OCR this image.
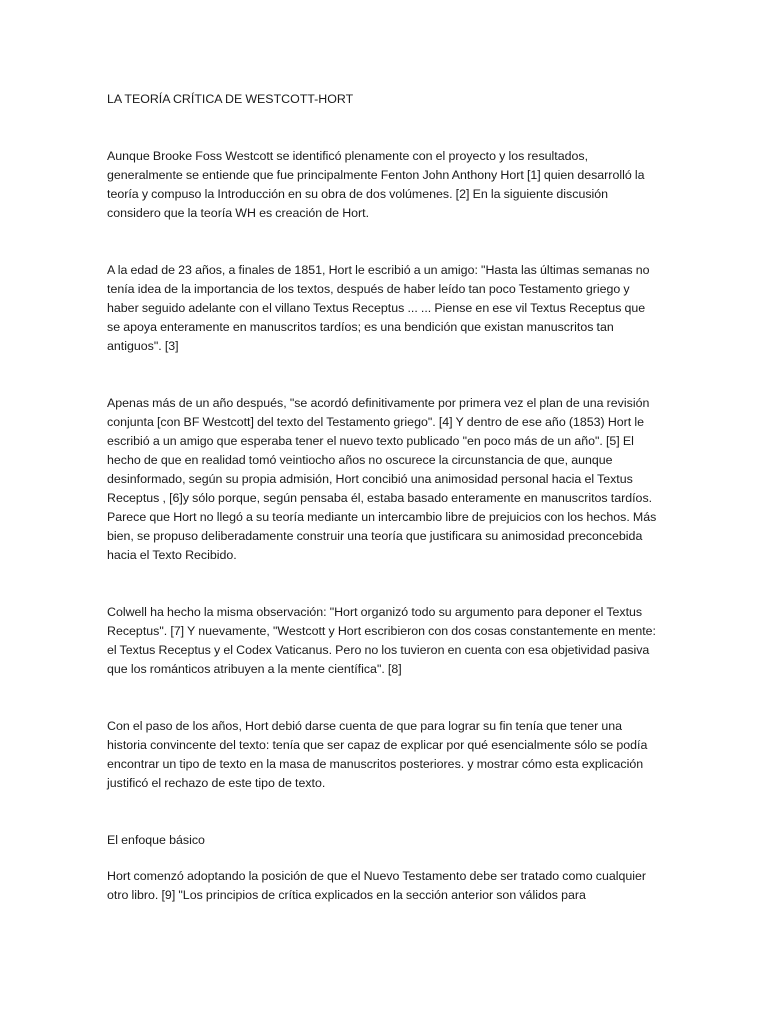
LA TEORÍA CRÍTICA DE WESTCOTT-HORT

Aunque Brooke Foss Westcott se identificó plenamente con el proyecto y los resultados, generalmente se entiende que fue principalmente Fenton John Anthony Hort [1] quien desarrolló la teoría y compuso la Introducción en su obra de dos volúmenes. [2] En la siguiente discusión considero que la teoría WH es creación de Hort.

A la edad de 23 años, a finales de 1851, Hort le escribió a un amigo: "Hasta las últimas semanas no tenía idea de la importancia de los textos, después de haber leído tan poco Testamento griego y haber seguido adelante con el villano Textus Receptus ... ... Piense en ese vil Textus Receptus que se apoya enteramente en manuscritos tardíos; es una bendición que existan manuscritos tan antiguos". [3]

Apenas más de un año después, "se acordó definitivamente por primera vez el plan de una revisión conjunta [con BF Westcott] del texto del Testamento griego". [4] Y dentro de ese año (1853) Hort le escribió a un amigo que esperaba tener el nuevo texto publicado "en poco más de un año". [5] El hecho de que en realidad tomó veintiocho años no oscurece la circunstancia de que, aunque desinformado, según su propia admisión, Hort concibió una animosidad personal hacia el Textus Receptus , [6]y sólo porque, según pensaba él, estaba basado enteramente en manuscritos tardíos. Parece que Hort no llegó a su teoría mediante un intercambio libre de prejuicios con los hechos. Más bien, se propuso deliberadamente construir una teoría que justificara su animosidad preconcebida hacia el Texto Recibido.

Colwell ha hecho la misma observación: "Hort organizó todo su argumento para deponer el Textus Receptus". [7] Y nuevamente, "Westcott y Hort escribieron con dos cosas constantemente en mente: el Textus Receptus y el Codex Vaticanus. Pero no los tuvieron en cuenta con esa objetividad pasiva que los románticos atribuyen a la mente científica". [8]

Con el paso de los años, Hort debió darse cuenta de que para lograr su fin tenía que tener una historia convincente del texto: tenía que ser capaz de explicar por qué esencialmente sólo se podía encontrar un tipo de texto en la masa de manuscritos posteriores. y mostrar cómo esta explicación justificó el rechazo de este tipo de texto.

El enfoque básico

Hort comenzó adoptando la posición de que el Nuevo Testamento debe ser tratado como cualquier otro libro. [9] "Los principios de crítica explicados en la sección anterior son válidos para
